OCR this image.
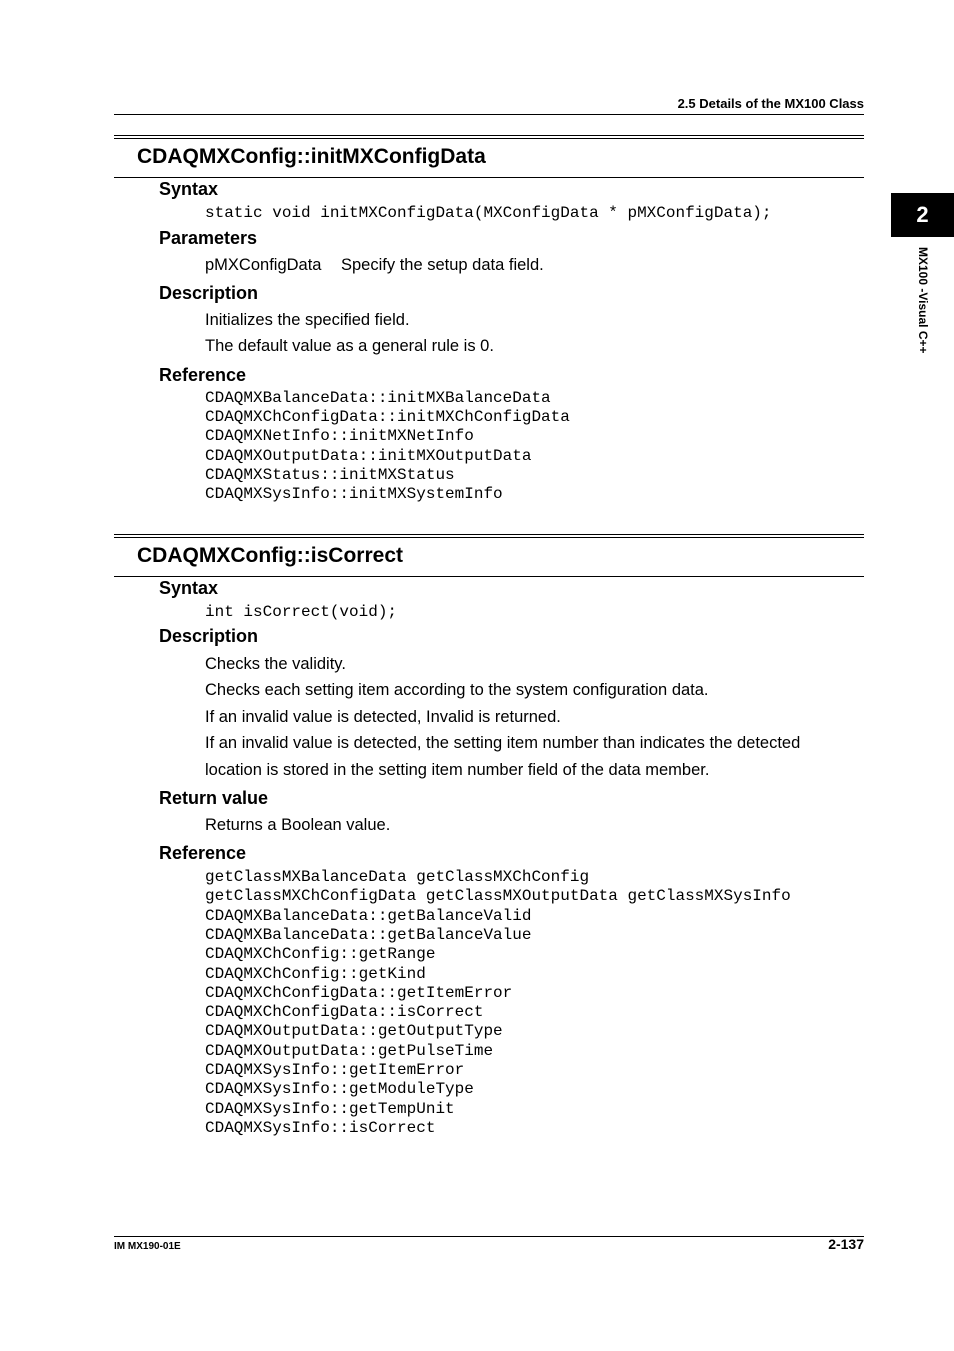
2.5 Details of the MX100 Class
2
MX100 -Visual C++
CDAQMXConfig::initMXConfigData
Syntax
static void initMXConfigData(MXConfigData * pMXConfigData);
Parameters
pMXConfigData Specify the setup data field.
Description
Initializes the specified field.
The default value as a general rule is 0.
Reference
CDAQMXBalanceData::initMXBalanceData
CDAQMXChConfigData::initMXChConfigData
CDAQMXNetInfo::initMXNetInfo
CDAQMXOutputData::initMXOutputData
CDAQMXStatus::initMXStatus
CDAQMXSysInfo::initMXSystemInfo
CDAQMXConfig::isCorrect
Syntax
int isCorrect(void);
Description
Checks the validity.
Checks each setting item according to the system configuration data.
If an invalid value is detected, Invalid is returned.
If an invalid value is detected, the setting item number than indicates the detected
location is stored in the setting item number field of the data member.
Return value
Returns a Boolean value.
Reference
getClassMXBalanceData getClassMXChConfig
getClassMXChConfigData getClassMXOutputData getClassMXSysInfo
CDAQMXBalanceData::getBalanceValid
CDAQMXBalanceData::getBalanceValue
CDAQMXChConfig::getRange
CDAQMXChConfig::getKind
CDAQMXChConfigData::getItemError
CDAQMXChConfigData::isCorrect
CDAQMXOutputData::getOutputType
CDAQMXOutputData::getPulseTime
CDAQMXSysInfo::getItemError
CDAQMXSysInfo::getModuleType
CDAQMXSysInfo::getTempUnit
CDAQMXSysInfo::isCorrect
IM MX190-01E	2-137
